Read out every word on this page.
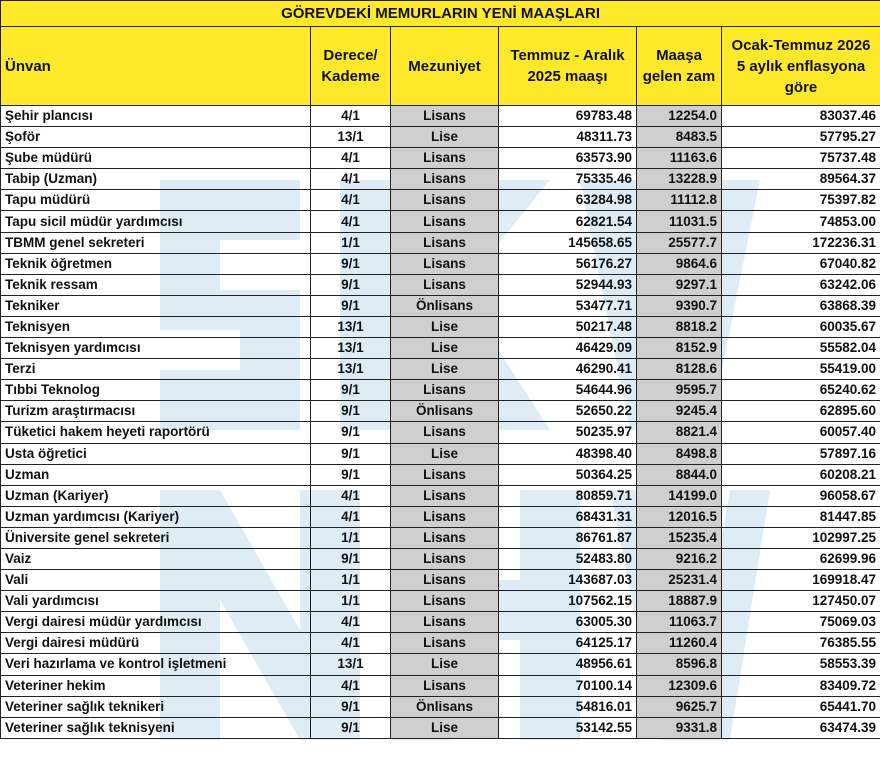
GÖREVDEKİ MEMURLARIN YENİ MAAŞLARI					
Ünvan	Derece/ Kademe	Mezuniyet	Temmuz - Aralık 2025 maaşı	Maaşa gelen zam	Ocak-Temmuz 2026 5 aylık enflasyona göre
Şehir plancısı	4/1	Lisans	69783.48	12254.0	83037.46
Şoför	13/1	Lise	48311.73	8483.5	57795.27
Şube müdürü	4/1	Lisans	63573.90	11163.6	75737.48
Tabip (Uzman)	4/1	Lisans	75335.46	13228.9	89564.37
Tapu müdürü	4/1	Lisans	63284.98	11112.8	75397.82
Tapu sicil müdür yardımcısı	4/1	Lisans	62821.54	11031.5	74853.00
TBMM genel sekreteri	1/1	Lisans	145658.65	25577.7	172236.31
Teknik öğretmen	9/1	Lisans	56176.27	9864.6	67040.82
Teknik ressam	9/1	Lisans	52944.93	9297.1	63242.06
Tekniker	9/1	Önlisans	53477.71	9390.7	63868.39
Teknisyen	13/1	Lise	50217.48	8818.2	60035.67
Teknisyen yardımcısı	13/1	Lise	46429.09	8152.9	55582.04
Terzi	13/1	Lise	46290.41	8128.6	55419.00
Tıbbi Teknolog	9/1	Lisans	54644.96	9595.7	65240.62
Turizm araştırmacısı	9/1	Önlisans	52650.22	9245.4	62895.60
Tüketici hakem heyeti raportörü	9/1	Lisans	50235.97	8821.4	60057.40
Usta öğretici	9/1	Lise	48398.40	8498.8	57897.16
Uzman	9/1	Lisans	50364.25	8844.0	60208.21
Uzman (Kariyer)	4/1	Lisans	80859.71	14199.0	96058.67
Uzman yardımcısı (Kariyer)	4/1	Lisans	68431.31	12016.5	81447.85
Üniversite genel sekreteri	1/1	Lisans	86761.87	15235.4	102997.25
Vaiz	9/1	Lisans	52483.80	9216.2	62699.96
Vali	1/1	Lisans	143687.03	25231.4	169918.47
Vali yardımcısı	1/1	Lisans	107562.15	18887.9	127450.07
Vergi dairesi müdür yardımcısı	4/1	Lisans	63005.30	11063.7	75069.03
Vergi dairesi müdürü	4/1	Lisans	64125.17	11260.4	76385.55
Veri hazırlama ve kontrol işletmeni	13/1	Lise	48956.61	8596.8	58553.39
Veteriner hekim	4/1	Lisans	70100.14	12309.6	83409.72
Veteriner sağlık teknikeri	9/1	Önlisans	54816.01	9625.7	65441.70
Veteriner sağlık teknisyeni	9/1	Lise	53142.55	9331.8	63474.39
